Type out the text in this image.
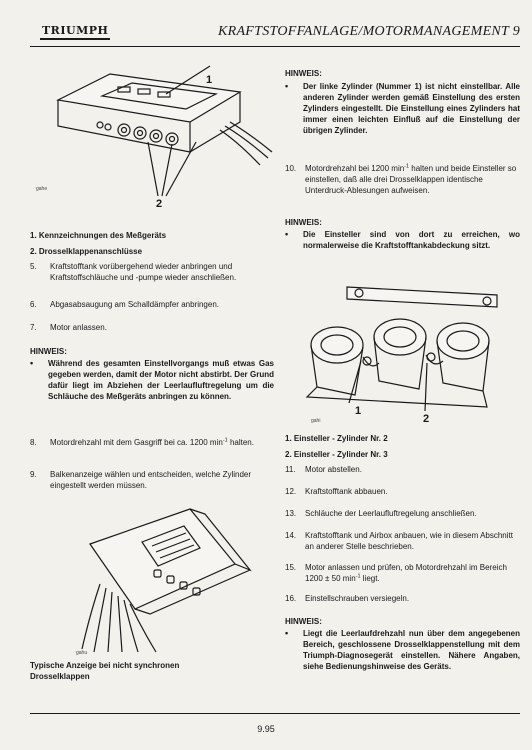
TRIUMPH	KRAFTSTOFFANLAGE/MOTORMANAGEMENT 9
1
2
gahe
1. Kennzeichnungen des Meßgeräts
2. Drosselklappenanschlüsse
5.	Kraftstofftank vorübergehend wieder anbringen und Kraftstoffschläuche und -pumpe wieder anschließen.
6.	Abgasabsaugung am Schalldämpfer anbringen.
7.	Motor anlassen.
HINWEIS:
•	Während des gesamten Einstellvorgangs muß etwas Gas gegeben werden, damit der Motor nicht abstirbt. Der Grund dafür liegt im Abziehen der Leerlaufluftregelung um die Schläuche des Meßgeräts anbringen zu können.
8.	Motordrehzahl mit dem Gasgriff bei ca. 1200 $\min^{-1}$ halten.
9.	Balkenanzeige wählen und entscheiden, welche Zylinder eingestellt werden müssen.
gahu
Typische Anzeige bei nicht synchronen
Drosselklappen
HINWEIS:
•	Der linke Zylinder (Nummer 1) ist nicht einstellbar. Alle anderen Zylinder werden gemäß Einstellung des ersten Zylinders eingestellt. Die Einstellung eines Zylinders hat immer einen leichten Einfluß auf die Einstellung der übrigen Zylinder.
10.	Motordrehzahl bei 1200 $\min^{-1}$ halten und beide Einsteller so einstellen, daß alle drei Drosselklappen identische Unterdruck-Ablesungen aufweisen.
HINWEIS:
•	Die Einsteller sind von dort zu erreichen, wo normalerweise die Kraftstofftankabdeckung sitzt.
1
2
gahi
1. Einsteller - Zylinder Nr. 2
2. Einsteller - Zylinder Nr. 3
11.	Motor abstellen.
12.	Kraftstofftank abbauen.
13.	Schläuche der Leerlaufluftregelung anschließen.
14.	Kraftstofftank und Airbox anbauen, wie in diesem Abschnitt an anderer Stelle beschrieben.
15.	Motor anlassen und prüfen, ob Motordrehzahl im Bereich 1200 ± 50 $\min^{-1}$ liegt.
16.	Einstellschrauben versiegeln.
HINWEIS:
•	Liegt die Leerlaufdrehzahl nun über dem angegebenen Bereich, geschlossene Drosselklappenstellung mit dem Triumph-Diagnosegerät einstellen. Nähere Angaben, siehe Bedienungshinweise des Geräts.
9.95
